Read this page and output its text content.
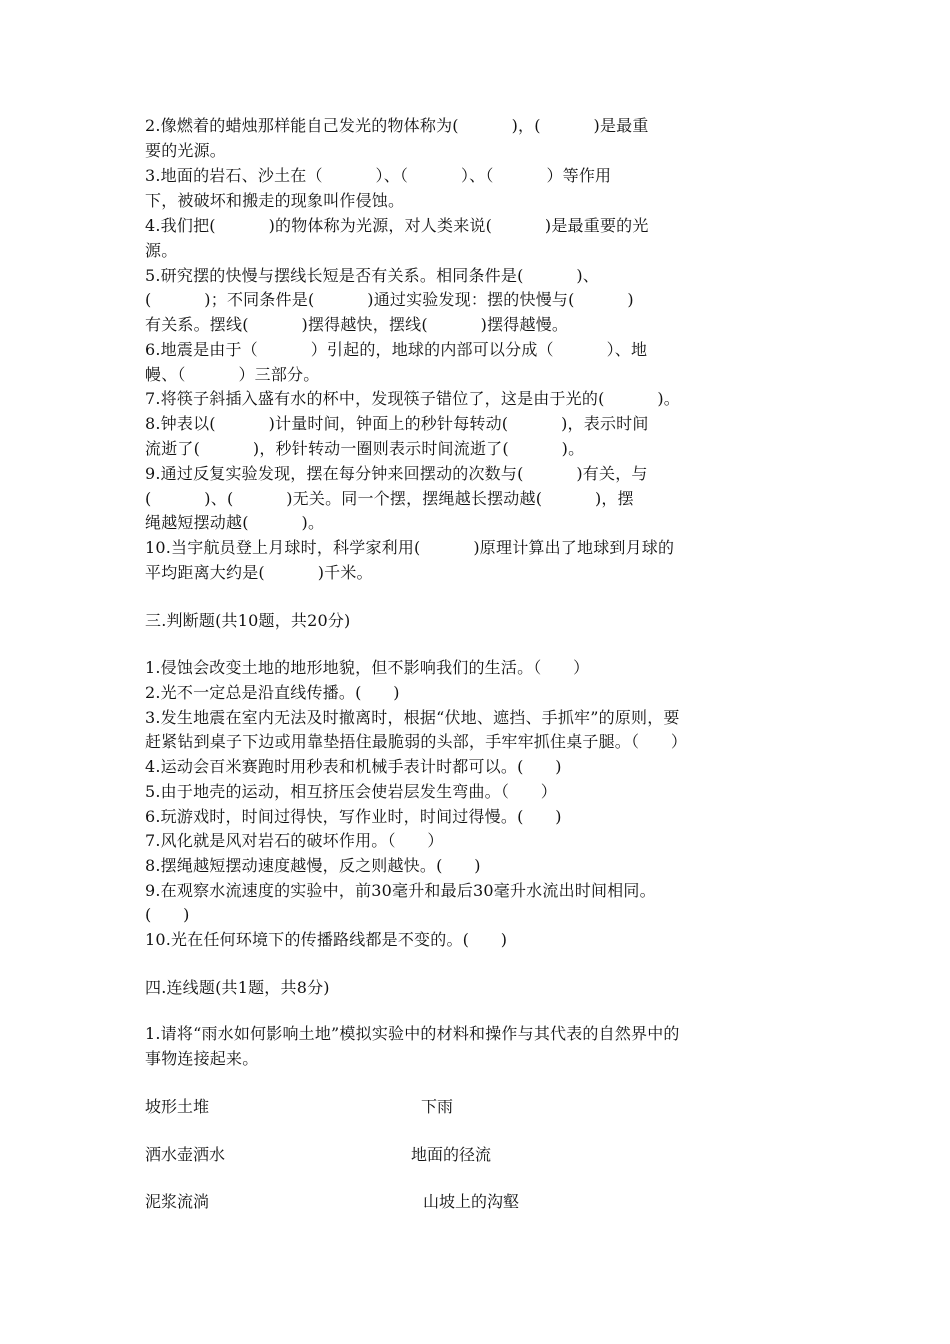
2.像燃着的蜡烛那样能自己发光的物体称为(          )，(          )是最重
要的光源。
3.地面的岩石、沙土在（          ）、（          ）、（          ）等作用
下，被破坏和搬走的现象叫作侵蚀。
4.我们把(          )的物体称为光源，对人类来说(          )是最重要的光
源。
5.研究摆的快慢与摆线长短是否有关系。相同条件是(          )、
(          )；不同条件是(          )通过实验发现：摆的快慢与(          )
有关系。摆线(          )摆得越快，摆线(          )摆得越慢。
6.地震是由于（          ）引起的，地球的内部可以分成（          ）、地
幔、（          ）三部分。
7.将筷子斜插入盛有水的杯中，发现筷子错位了，这是由于光的(          )。
8.钟表以(          )计量时间，钟面上的秒针每转动(          )，表示时间
流逝了(          )，秒针转动一圈则表示时间流逝了(          )。
9.通过反复实验发现，摆在每分钟来回摆动的次数与(          )有关，与
(          )、(          )无关。同一个摆，摆绳越长摆动越(          )，摆
绳越短摆动越(          )。
10.当宇航员登上月球时，科学家利用(          )原理计算出了地球到月球的
平均距离大约是(          )千米。
三.判断题(共10题，共20分)
1.侵蚀会改变土地的地形地貌，但不影响我们的生活。（      ）
2.光不一定总是沿直线传播。(      )
3.发生地震在室内无法及时撤离时，根据“伏地、遮挡、手抓牢”的原则，要
赶紧钻到桌子下边或用靠垫捂住最脆弱的头部，手牢牢抓住桌子腿。（      ）
4.运动会百米赛跑时用秒表和机械手表计时都可以。(      )
5.由于地壳的运动，相互挤压会使岩层发生弯曲。（      ）
6.玩游戏时，时间过得快，写作业时，时间过得慢。(      )
7.风化就是风对岩石的破坏作用。（      ）
8.摆绳越短摆动速度越慢，反之则越快。(      )
9.在观察水流速度的实验中，前30毫升和最后30毫升水流出时间相同。
(      )
10.光在任何环境下的传播路线都是不变的。(      )
四.连线题(共1题，共8分)
1.请将“雨水如何影响土地”模拟实验中的材料和操作与其代表的自然界中的
事物连接起来。
坡形土堆	下雨
洒水壶洒水	地面的径流
泥浆流淌	山坡上的沟壑
